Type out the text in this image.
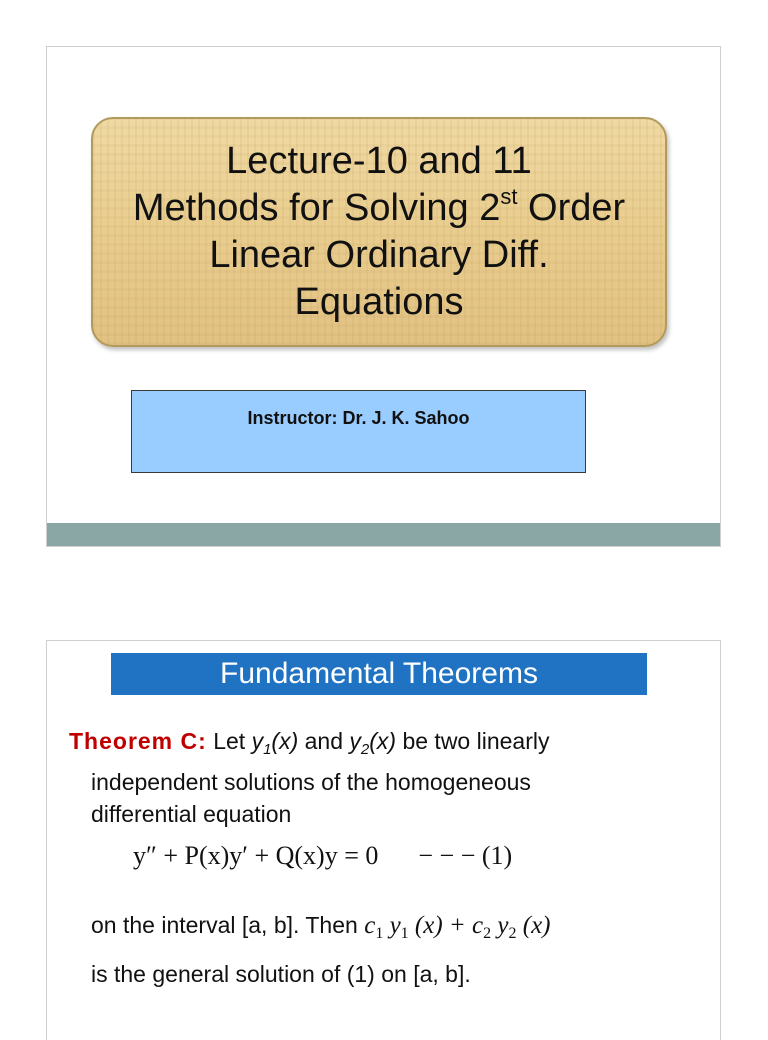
Lecture-10 and 11
Methods for Solving 2st Order
Linear Ordinary Diff.
Equations
Instructor: Dr. J. K. Sahoo
Fundamental Theorems
Theorem C: Let $y_1(x)$ and $y_2(x)$ be two linearly
independent solutions of the homogeneous
differential equation
y″ + P(x)y′ + Q(x)y = 0 − − − (1)
on the interval [a, b]. Then $c_1$ $y_1$ $(x) + c_2$ $y_2$ (x)
is the general solution of (1) on [a, b].
